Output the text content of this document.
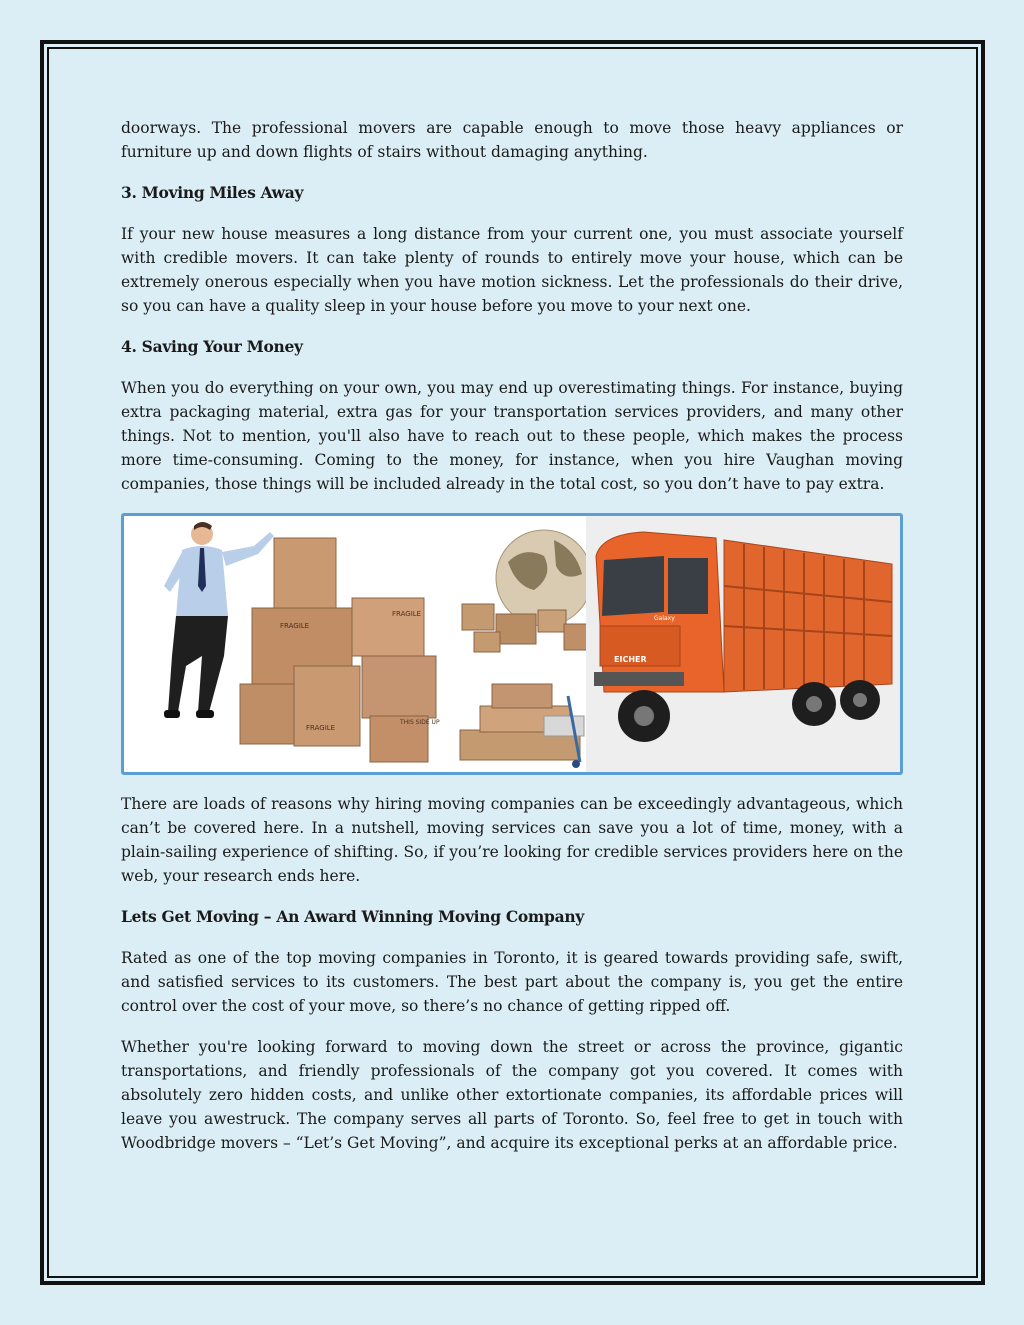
doorways. The professional movers are capable enough to move those heavy appliances or furniture up and down flights of stairs without damaging anything.

3. Moving Miles Away

If your new house measures a long distance from your current one, you must associate yourself with credible movers. It can take plenty of rounds to entirely move your house, which can be extremely onerous especially when you have motion sickness. Let the professionals do their drive, so you can have a quality sleep in your house before you move to your next one.

4. Saving Your Money

When you do everything on your own, you may end up overestimating things. For instance, buying extra packaging material, extra gas for your transportation services providers, and many other things. Not to mention, you'll also have to reach out to these people, which makes the process more time-consuming. Coming to the money, for instance, when you hire Vaughan moving companies, those things will be included already in the total cost, so you don’t have to pay extra.

FRAGILE
FRAGILE
FRAGILE
THIS SIDE UP
EICHER
Galaxy

There are loads of reasons why hiring moving companies can be exceedingly advantageous, which can’t be covered here. In a nutshell, moving services can save you a lot of time, money, with a plain-sailing experience of shifting. So, if you’re looking for credible services providers here on the web, your research ends here.

Lets Get Moving – An Award Winning Moving Company

Rated as one of the top moving companies in Toronto, it is geared towards providing safe, swift, and satisfied services to its customers. The best part about the company is, you get the entire control over the cost of your move, so there’s no chance of getting ripped off.

Whether you're looking forward to moving down the street or across the province, gigantic transportations, and friendly professionals of the company got you covered. It comes with absolutely zero hidden costs, and unlike other extortionate companies, its affordable prices will leave you awestruck. The company serves all parts of Toronto. So, feel free to get in touch with Woodbridge movers – “Let’s Get Moving”, and acquire its exceptional perks at an affordable price.
